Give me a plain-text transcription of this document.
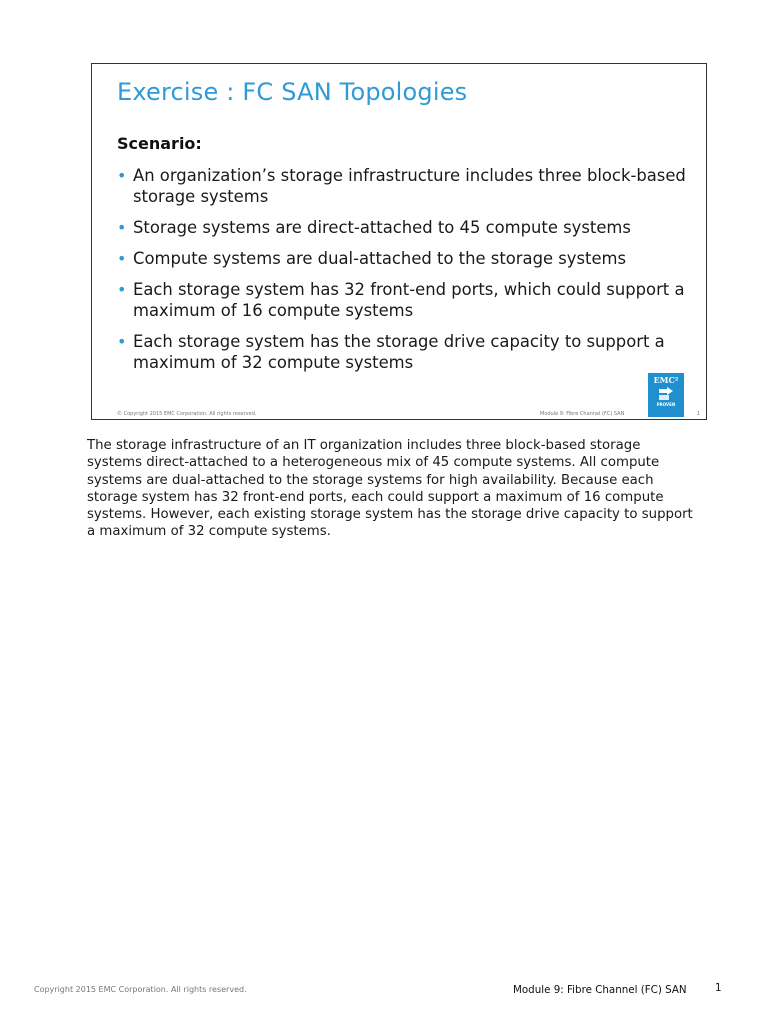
Exercise : FC SAN Topologies
Scenario:
• An organization’s storage infrastructure includes three block-based storage systems
• Storage systems are direct-attached to 45 compute systems
• Compute systems are dual-attached to the storage systems
• Each storage system has 32 front-end ports, which could support a maximum of 16 compute systems
• Each storage system has the storage drive capacity to support a maximum of 32 compute systems
EMC²
PROVEN
© Copyright 2015 EMC Corporation. All rights reserved.	Module 9: Fibre Channel (FC) SAN	1

The storage infrastructure of an IT organization includes three block-based storage systems direct-attached to a heterogeneous mix of 45 compute systems. All compute systems are dual-attached to the storage systems for high availability. Because each storage system has 32 front-end ports, each could support a maximum of 16 compute systems. However, each existing storage system has the storage drive capacity to support a maximum of 32 compute systems.

Copyright 2015 EMC Corporation. All rights reserved.	Module 9: Fibre Channel (FC) SAN	1
